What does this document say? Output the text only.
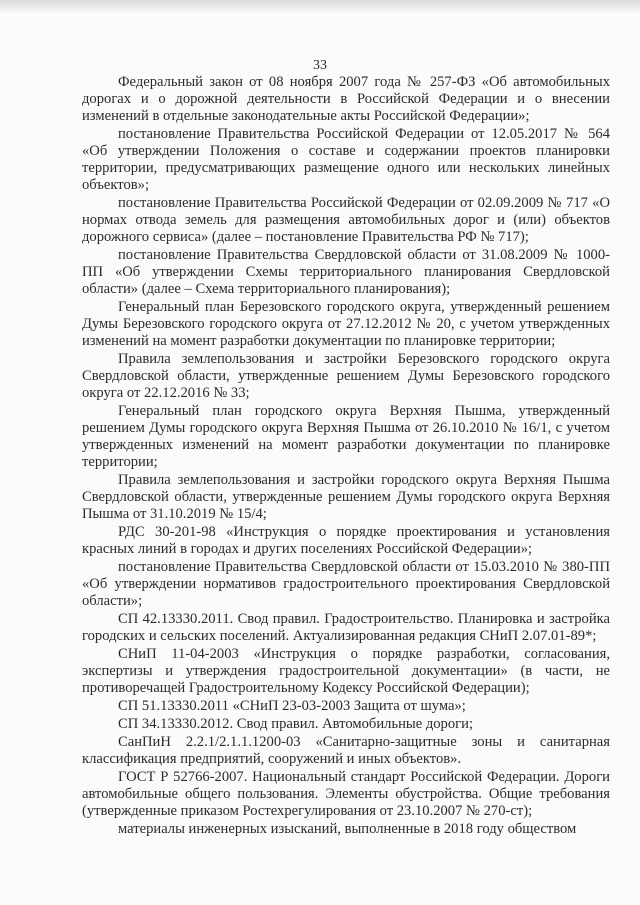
33

Федеральный закон от 08 ноября 2007 года № 257-ФЗ «Об автомобильных дорогах и о дорожной деятельности в Российской Федерации и о внесении изменений в отдельные законодательные акты Российской Федерации»;

постановление Правительства Российской Федерации от 12.05.2017 № 564 «Об утверждении Положения о составе и содержании проектов планировки территории, предусматривающих размещение одного или нескольких линейных объектов»;

постановление Правительства Российской Федерации от 02.09.2009 № 717 «О нормах отвода земель для размещения автомобильных дорог и (или) объектов дорожного сервиса» (далее – постановление Правительства РФ № 717);

постановление Правительства Свердловской области от 31.08.2009 № 1000-ПП «Об утверждении Схемы территориального планирования Свердловской области» (далее – Схема территориального планирования);

Генеральный план Березовского городского округа, утвержденный решением Думы Березовского городского округа от 27.12.2012 № 20, с учетом утвержденных изменений на момент разработки документации по планировке территории;

Правила землепользования и застройки Березовского городского округа Свердловской области, утвержденные решением Думы Березовского городского округа от 22.12.2016 № 33;

Генеральный план городского округа Верхняя Пышма, утвержденный решением Думы городского округа Верхняя Пышма от 26.10.2010 № 16/1, с учетом утвержденных изменений на момент разработки документации по планировке территории;

Правила землепользования и застройки городского округа Верхняя Пышма Свердловской области, утвержденные решением Думы городского округа Верхняя Пышма от 31.10.2019 № 15/4;

РДС 30-201-98 «Инструкция о порядке проектирования и установления красных линий в городах и других поселениях Российской Федерации»;

постановление Правительства Свердловской области от 15.03.2010 № 380-ПП «Об утверждении нормативов градостроительного проектирования Свердловской области»;

СП 42.13330.2011. Свод правил. Градостроительство. Планировка и застройка городских и сельских поселений. Актуализированная редакция СНиП 2.07.01-89*;

СНиП 11-04-2003 «Инструкция о порядке разработки, согласования, экспертизы и утверждения градостроительной документации» (в части, не противоречащей Градостроительному Кодексу Российской Федерации);

СП 51.13330.2011 «СНиП 23-03-2003 Защита от шума»;

СП 34.13330.2012. Свод правил. Автомобильные дороги;

СанПиН 2.2.1/2.1.1.1200-03 «Санитарно-защитные зоны и санитарная классификация предприятий, сооружений и иных объектов».

ГОСТ Р 52766-2007. Национальный стандарт Российской Федерации. Дороги автомобильные общего пользования. Элементы обустройства. Общие требования (утвержденные приказом Ростехрегулирования от 23.10.2007 № 270-ст);

материалы инженерных изысканий, выполненные в 2018 году обществом
